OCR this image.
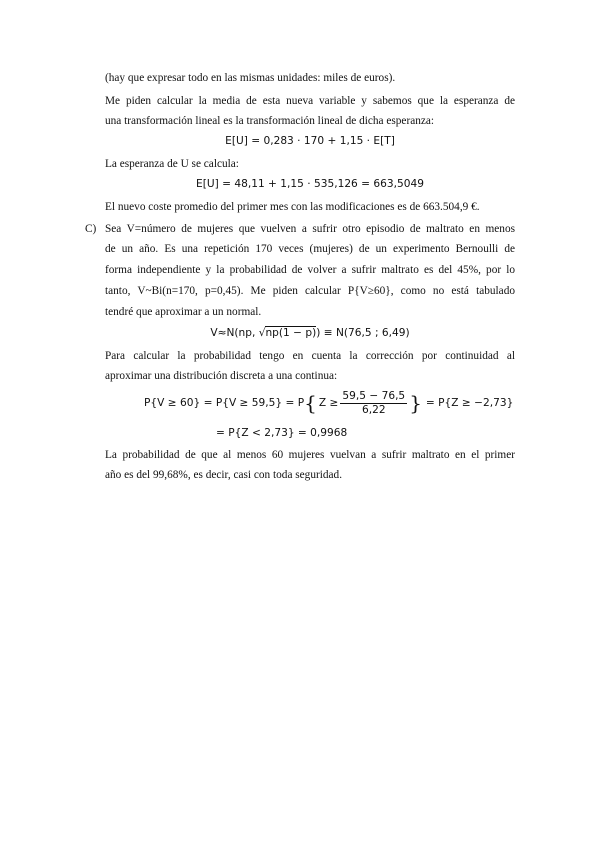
(hay que expresar todo en las mismas unidades: miles de euros).
Me piden calcular la media de esta nueva variable y sabemos que la esperanza de
una transformación lineal es la transformación lineal de dicha esperanza:
E[U] = 0,283 · 170 + 1,15 · E[T]
La esperanza de U se calcula:
E[U] = 48,11 + 1,15 · 535,126 = 663,5049
El nuevo coste promedio del primer mes con las modificaciones es de 663.504,9 €.
C) Sea V=número de mujeres que vuelven a sufrir otro episodio de maltrato en menos
de un año. Es una repetición 170 veces (mujeres) de un experimento Bernoulli de
forma independiente y la probabilidad de volver a sufrir maltrato es del 45%, por lo
tanto, V~Bi(n=170, p=0,45). Me piden calcular P{V≥60}, como no está tabulado
tendré que aproximar a un normal.
V≈N(np, √np(1 − p)) ≡ N(76,5 ; 6,49)
Para calcular la probabilidad tengo en cuenta la corrección por continuidad al
aproximar una distribución discreta a una continua:
P{V ≥ 60} = P{V ≥ 59,5} = P { $Z \ge \frac{59,5 - 76,5}{6,22}$ } = P{Z ≥ −2,73}
= P{Z < 2,73} = 0,9968
La probabilidad de que al menos 60 mujeres vuelvan a sufrir maltrato en el primer
año es del 99,68%, es decir, casi con toda seguridad.
